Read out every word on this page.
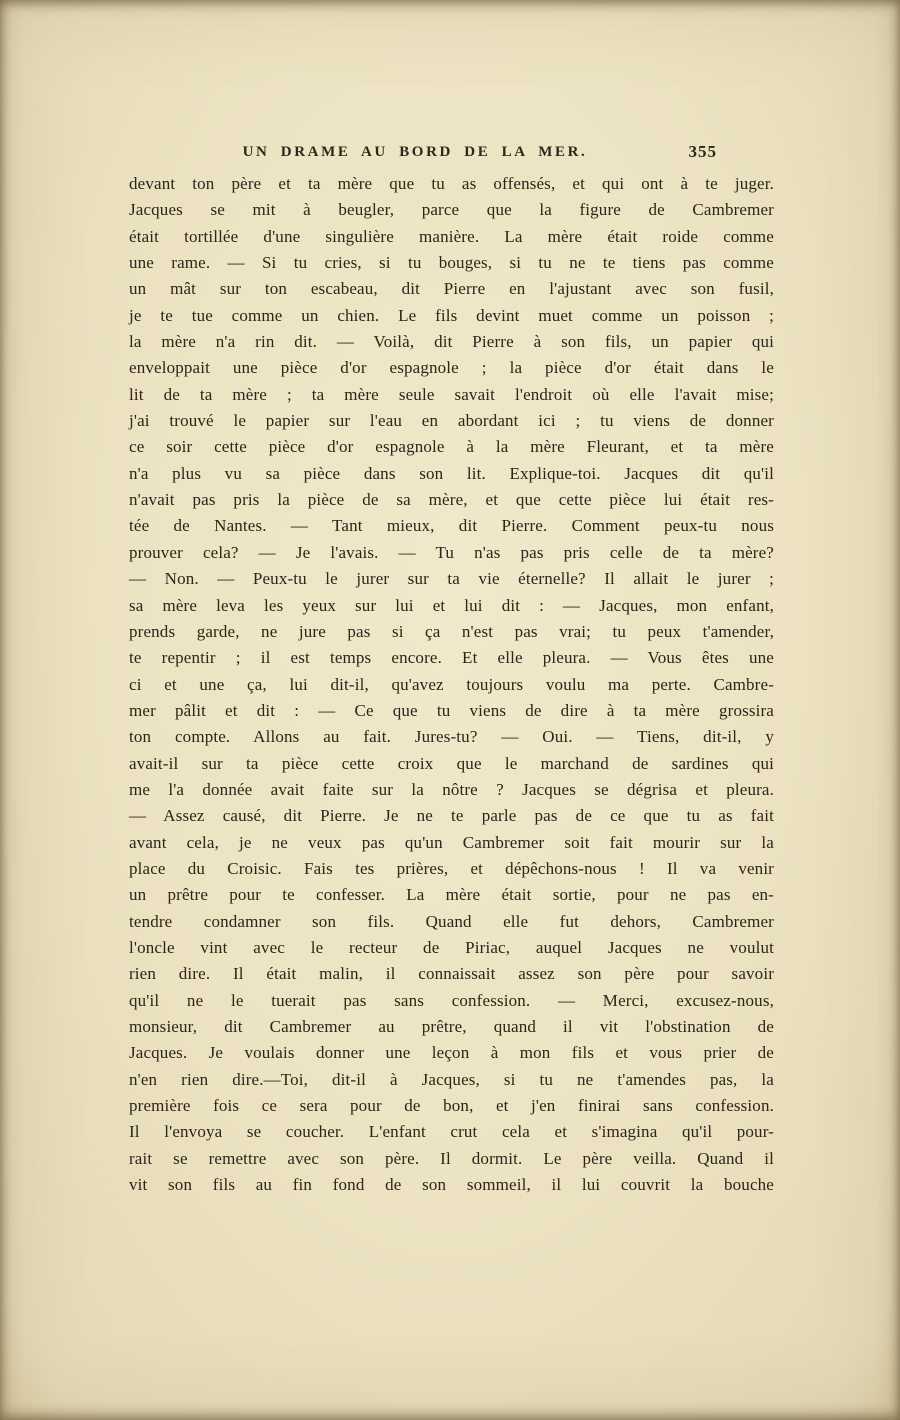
UN DRAME AU BORD DE LA MER.	355
devant ton père et ta mère que tu as offensés, et qui ont à te juger.
Jacques se mit à beugler, parce que la figure de Cambremer
était tortillée d'une singulière manière. La mère était roide comme
une rame. — Si tu cries, si tu bouges, si tu ne te tiens pas comme
un mât sur ton escabeau, dit Pierre en l'ajustant avec son fusil,
je te tue comme un chien. Le fils devint muet comme un poisson ;
la mère n'a rin dit. — Voilà, dit Pierre à son fils, un papier qui
enveloppait une pièce d'or espagnole ; la pièce d'or était dans le
lit de ta mère ; ta mère seule savait l'endroit où elle l'avait mise;
j'ai trouvé le papier sur l'eau en abordant ici ; tu viens de donner
ce soir cette pièce d'or espagnole à la mère Fleurant, et ta mère
n'a plus vu sa pièce dans son lit. Explique-toi. Jacques dit qu'il
n'avait pas pris la pièce de sa mère, et que cette pièce lui était res-
tée de Nantes. — Tant mieux, dit Pierre. Comment peux-tu nous
prouver cela? — Je l'avais. — Tu n'as pas pris celle de ta mère?
— Non. — Peux-tu le jurer sur ta vie éternelle? Il allait le jurer ;
sa mère leva les yeux sur lui et lui dit : — Jacques, mon enfant,
prends garde, ne jure pas si ça n'est pas vrai; tu peux t'amender,
te repentir ; il est temps encore. Et elle pleura. — Vous êtes une
ci et une ça, lui dit-il, qu'avez toujours voulu ma perte. Cambre-
mer pâlit et dit : — Ce que tu viens de dire à ta mère grossira
ton compte. Allons au fait. Jures-tu? — Oui. — Tiens, dit-il, y
avait-il sur ta pièce cette croix que le marchand de sardines qui
me l'a donnée avait faite sur la nôtre ? Jacques se dégrisa et pleura.
— Assez causé, dit Pierre. Je ne te parle pas de ce que tu as fait
avant cela, je ne veux pas qu'un Cambremer soit fait mourir sur la
place du Croisic. Fais tes prières, et dépêchons-nous ! Il va venir
un prêtre pour te confesser. La mère était sortie, pour ne pas en-
tendre condamner son fils. Quand elle fut dehors, Cambremer
l'oncle vint avec le recteur de Piriac, auquel Jacques ne voulut
rien dire. Il était malin, il connaissait assez son père pour savoir
qu'il ne le tuerait pas sans confession. — Merci, excusez-nous,
monsieur, dit Cambremer au prêtre, quand il vit l'obstination de
Jacques. Je voulais donner une leçon à mon fils et vous prier de
n'en rien dire.—Toi, dit-il à Jacques, si tu ne t'amendes pas, la
première fois ce sera pour de bon, et j'en finirai sans confession.
Il l'envoya se coucher. L'enfant crut cela et s'imagina qu'il pour-
rait se remettre avec son père. Il dormit. Le père veilla. Quand il
vit son fils au fin fond de son sommeil, il lui couvrit la bouche
